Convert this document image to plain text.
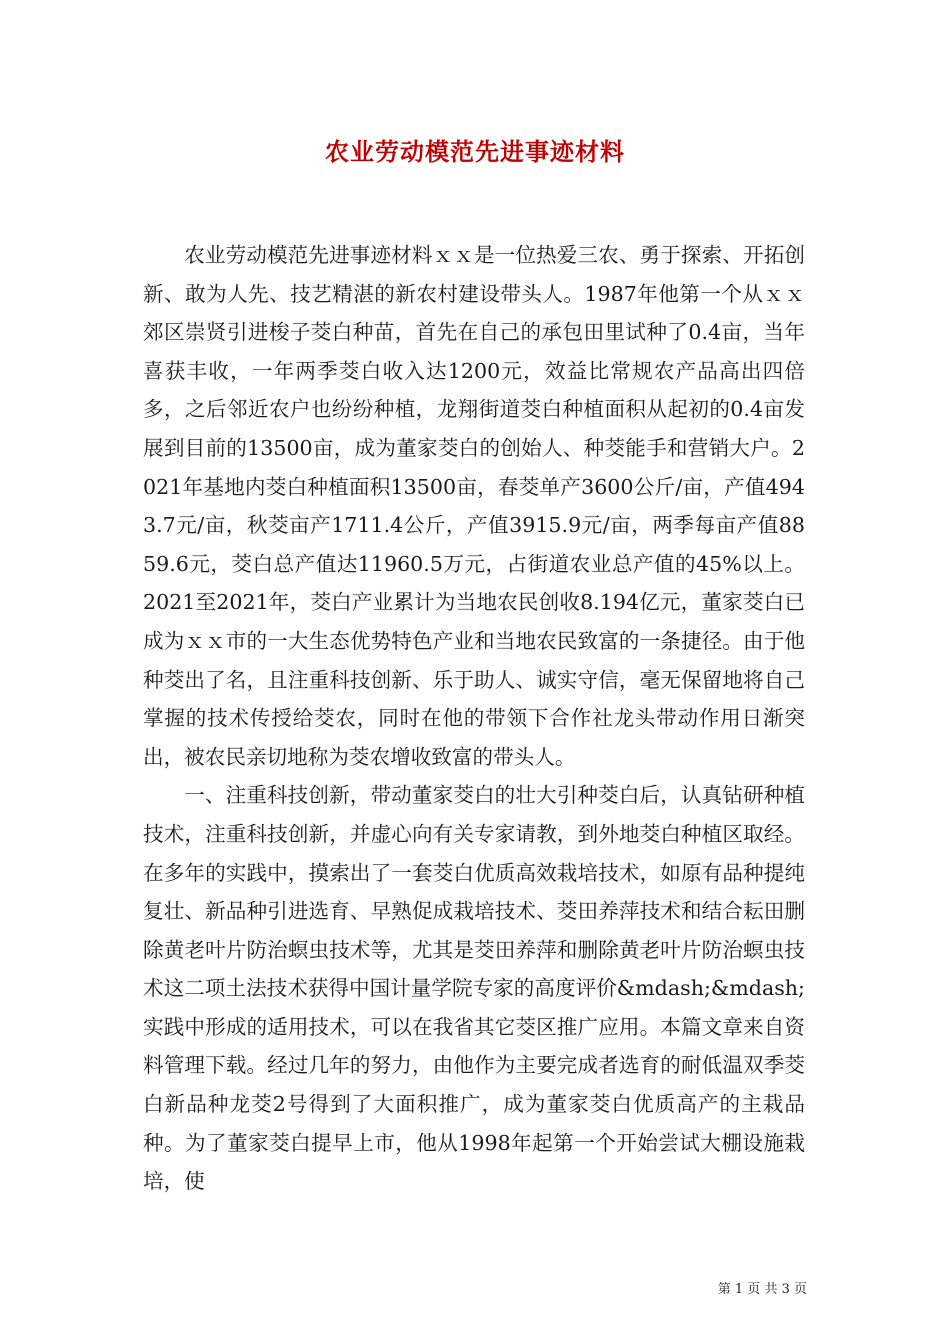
农业劳动模范先进事迹材料

农业劳动模范先进事迹材料ｘｘ是一位热爱三农、勇于探索、开拓创新、敢为人先、技艺精湛的新农村建设带头人。1987年他第一个从ｘｘ郊区崇贤引进梭子茭白种苗，首先在自己的承包田里试种了0.4亩，当年喜获丰收，一年两季茭白收入达1200元，效益比常规农产品高出四倍多，之后邻近农户也纷纷种植，龙翔街道茭白种植面积从起初的0.4亩发展到目前的13500亩，成为董家茭白的创始人、种茭能手和营销大户。2021年基地内茭白种植面积13500亩，春茭单产3600公斤/亩，产值4943.7元/亩，秋茭亩产1711.4公斤，产值3915.9元/亩，两季每亩产值8859.6元，茭白总产值达11960.5万元，占街道农业总产值的45%以上。2021至2021年，茭白产业累计为当地农民创收8.194亿元，董家茭白已成为ｘｘ市的一大生态优势特色产业和当地农民致富的一条捷径。由于他种茭出了名，且注重科技创新、乐于助人、诚实守信，毫无保留地将自己掌握的技术传授给茭农，同时在他的带领下合作社龙头带动作用日渐突出，被农民亲切地称为茭农增收致富的带头人。

一、注重科技创新，带动董家茭白的壮大引种茭白后，认真钻研种植技术，注重科技创新，并虚心向有关专家请教，到外地茭白种植区取经。在多年的实践中，摸索出了一套茭白优质高效栽培技术，如原有品种提纯复壮、新品种引进选育、早熟促成栽培技术、茭田养萍技术和结合耘田删除黄老叶片防治螟虫技术等，尤其是茭田养萍和删除黄老叶片防治螟虫技术这二项土法技术获得中国计量学院专家的高度评价&mdash;&mdash;实践中形成的适用技术，可以在我省其它茭区推广应用。本篇文章来自资料管理下载。经过几年的努力，由他作为主要完成者选育的耐低温双季茭白新品种龙茭2号得到了大面积推广，成为董家茭白优质高产的主栽品种。为了董家茭白提早上市，他从1998年起第一个开始尝试大棚设施栽培，使

第 1 页 共 3 页
